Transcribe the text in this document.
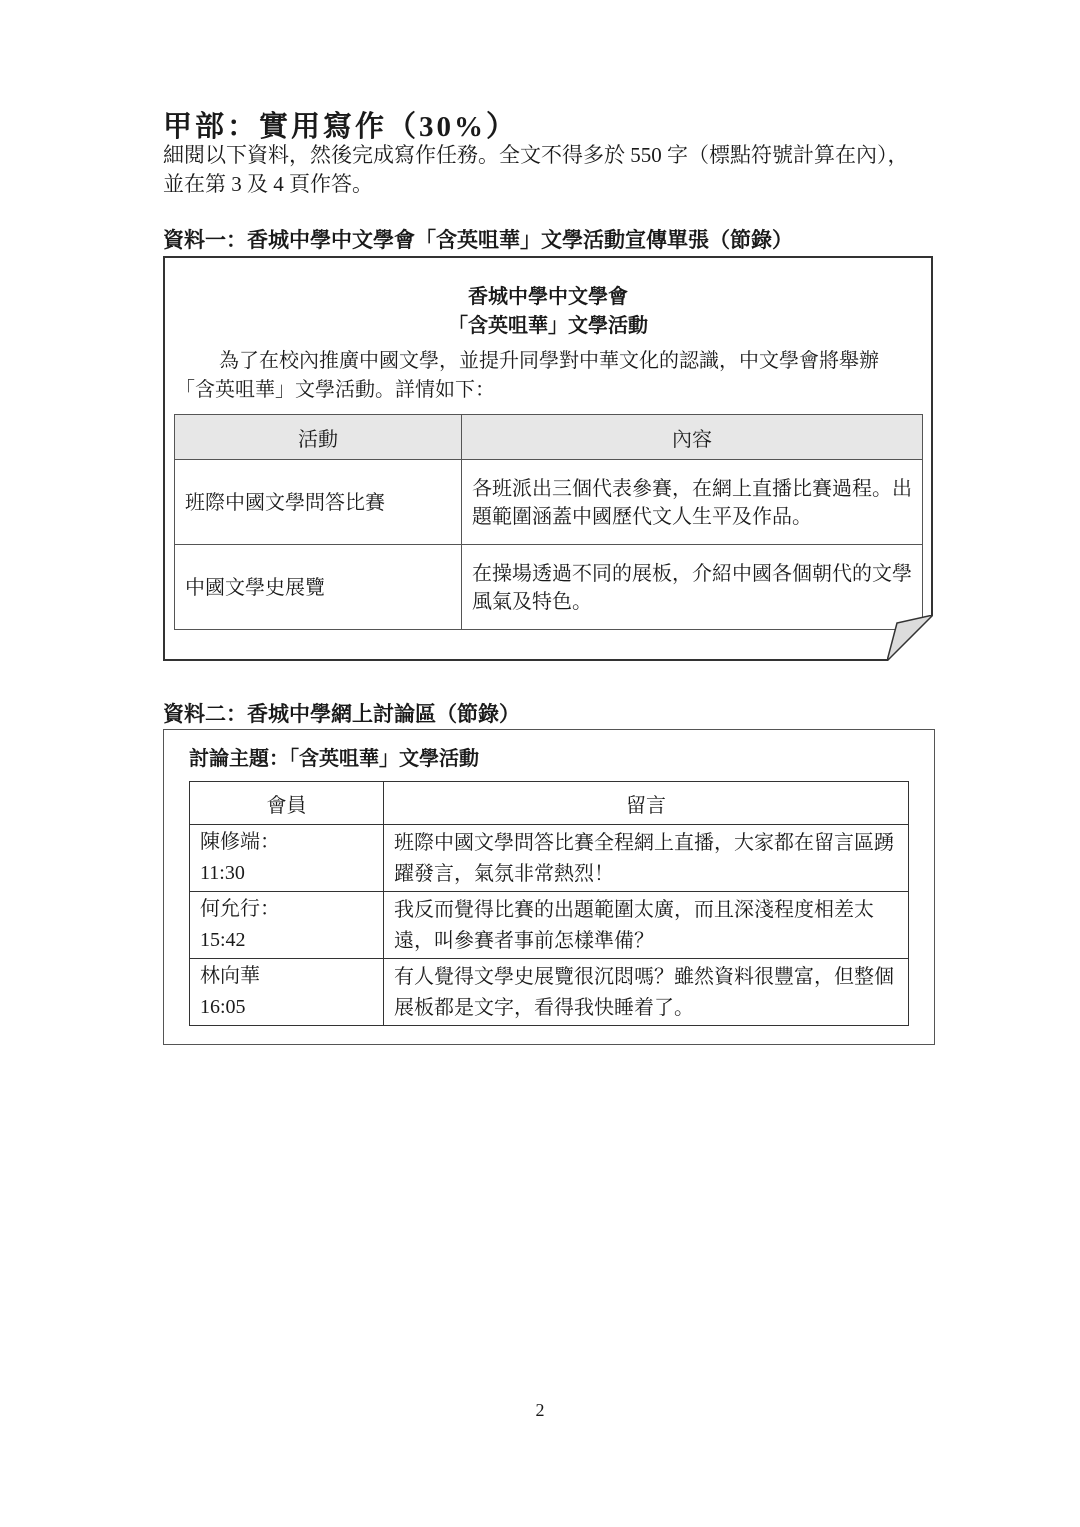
甲部：實用寫作（30%）
細閱以下資料，然後完成寫作任務。全文不得多於 550 字（標點符號計算在內），
並在第 3 及 4 頁作答。
資料一：香城中學中文學會「含英咀華」文學活動宣傳單張（節錄）
香城中學中文學會
「含英咀華」文學活動
為了在校內推廣中國文學，並提升同學對中華文化的認識，中文學會將舉辦「含英咀華」文學活動。詳情如下：
活動	內容
班際中國文學問答比賽	各班派出三個代表參賽，在網上直播比賽過程。出題範圍涵蓋中國歷代文人生平及作品。
中國文學史展覽	在操場透過不同的展板，介紹中國各個朝代的文學風氣及特色。
資料二：香城中學網上討論區（節錄）
討論主題：「含英咀華」文學活動
會員	留言
陳修端：
11:30	班際中國文學問答比賽全程網上直播，大家都在留言區踴躍發言，氣氛非常熱烈！
何允行：
15:42	我反而覺得比賽的出題範圍太廣，而且深淺程度相差太遠，叫參賽者事前怎樣準備？
林向華
16:05	有人覺得文學史展覽很沉悶嗎？雖然資料很豐富，但整個展板都是文字，看得我快睡着了。
2
